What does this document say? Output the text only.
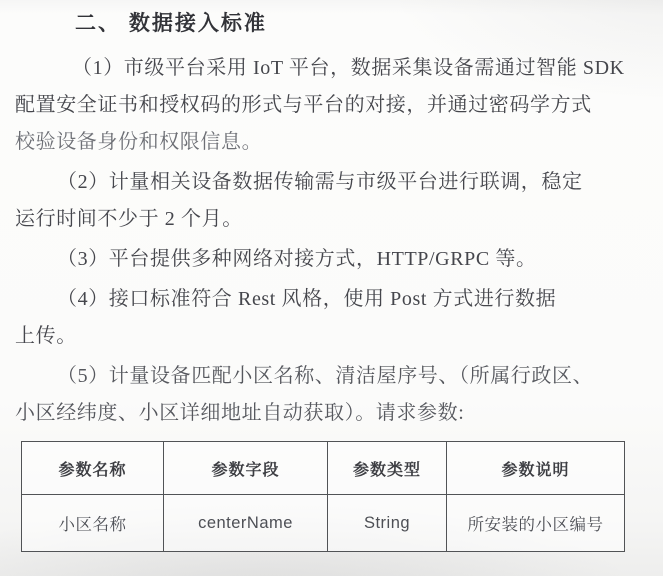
二、 数据接入标准
（1）市级平台采用 IoT 平台，数据采集设备需通过智能 SDK
配置安全证书和授权码的形式与平台的对接，并通过密码学方式
校验设备身份和权限信息。
（2）计量相关设备数据传输需与市级平台进行联调，稳定
运行时间不少于 2 个月。
（3）平台提供多种网络对接方式，HTTP/GRPC 等。
（4）接口标准符合 Rest 风格，使用 Post 方式进行数据
上传。
（5）计量设备匹配小区名称、清洁屋序号、（所属行政区、
小区经纬度、小区详细地址自动获取）。请求参数:
参数名称	参数字段	参数类型	参数说明
小区名称	centerName	String	所安装的小区编号
